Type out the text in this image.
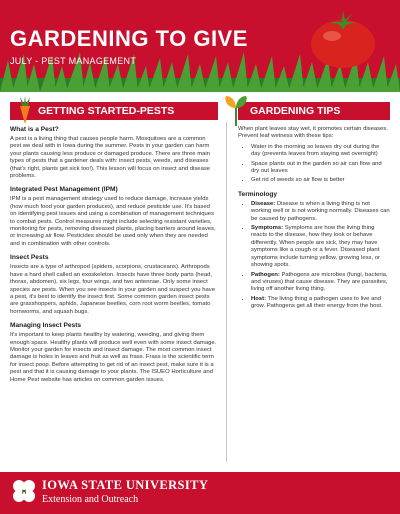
GARDENING TO GIVE
JULY - PEST MANAGEMENT
GETTING STARTED-PESTS
What is a Pest?

A pest is a living thing that causes people harm. Mosquitoes are a common pest we deal with in Iowa during the summer. Pests in your garden can harm your plants causing less produce or damaged produce. There are three main types of pests that a gardener deals with: insect pests, weeds, and diseases (that's right, plants get sick too!). This lesson will focus on insect and disease problems.

Integrated Pest Management (IPM)

IPM is a pest management strategy used to reduce damage, increase yields (how much food your garden produces), and reduce pesticide use. It's based on identifying pest issues and using a combination of management techniques to combat pests. Control measures might include selecting resistant varieties, monitoring for pests, removing diseased plants, placing barriers around leaves, or increasing air flow. Pesticides should be used only when they are needed and in combination with other controls.

Insect Pests

Insects are a type of arthropod (spiders, scorpions, crustaceans). Arthropods have a hard shell called an exoskeleton. Insects have three body parts (head, thorax, abdomen), six legs, four wings, and two antennae. Only some insect species are pests. When you see insects in your garden and suspect you have a pest, it's best to identify the insect first. Some common garden insect pests are grasshoppers, aphids, Japanese beetles, corn root worm beetles, tomato hornworms, and squash bugs.

Managing Insect Pests

It's important to keep plants healthy by watering, weeding, and giving them enough space. Healthy plants will produce well even with some insect damage. Monitor your garden for insects and insect damage. The most common insect damage is holes in leaves and fruit as well as frass. Frass is the scientific term for insect poop. Before attempting to get rid of an insect pest, make sure it is a pest and that it is causing damage to your plants. The ISUEO Horticulture and Home Pest website has articles on common garden issues.

GARDENING TIPS

When plant leaves stay wet, it promotes certain diseases. Prevent leaf wetness with these tips:

• Water in the morning so leaves dry out during the day (prevents leaves from staying wet overnight)
• Space plants out in the garden so air can flow and dry out leaves
• Get rid of weeds so air flow is better
Terminology
• Disease: Disease is when a living thing is not working well or is not working normally. Diseases can be caused by pathogens.
• Symptoms: Symptoms are how the living thing reacts to the disease, how they look or behave differently. When people are sick, they may have symptoms like a cough or a fever. Diseased plant symptoms include turning yellow, growing less, or showing spots.
• Pathogen: Pathogens are microbes (fungi, bacteria, and viruses) that cause disease. They are parasites, living off another living thing.
• Host: The living thing a pathogen uses to live and grow. Pathogens get all their energy from the host.
H
IOWA STATE UNIVERSITY
Extension and Outreach
